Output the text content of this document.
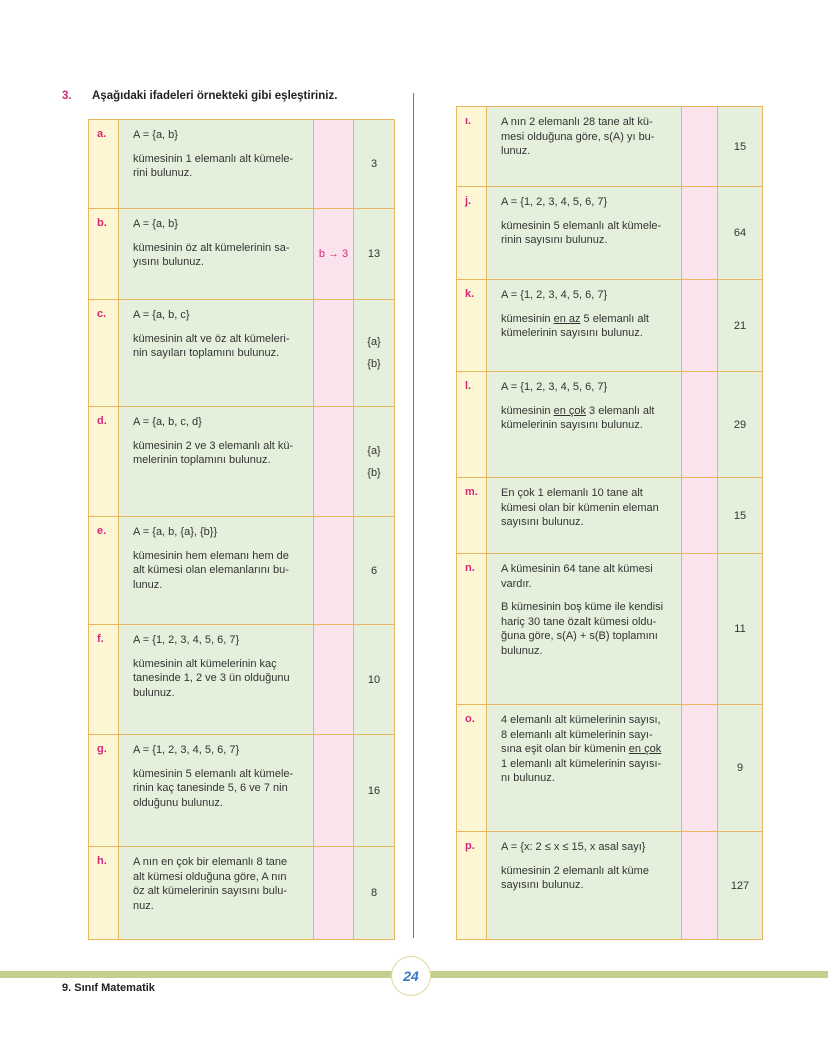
3. Aşağıdaki ifadeleri örnekteki gibi eşleştiriniz.
a. A = {a, b}
kümesinin 1 elemanlı alt kümele-
rini bulunuz.
3
b. A = {a, b}
kümesinin öz alt kümelerinin sa-
yısını bulunuz.
b → 3 13
c. A = {a, b, c}
kümesinin alt ve öz alt kümeleri-
nin sayıları toplamını bulunuz.
{a}
{b}
d. A = {a, b, c, d}
kümesinin 2 ve 3 elemanlı alt kü-
melerinin toplamını bulunuz.
{a}
{b}
e. A = {a, b, {a}, {b}}
kümesinin hem elemanı hem de
alt kümesi olan elemanlarını bu-
lunuz.
6
f.	A = {1, 2, 3, 4, 5, 6, 7}
kümesinin alt kümelerinin kaç
tanesinde 1, 2 ve 3 ün olduğunu
bulunuz.
10
g. A = {1, 2, 3, 4, 5, 6, 7}
kümesinin 5 elemanlı alt kümele-
rinin kaç tanesinde 5, 6 ve 7 nin
olduğunu bulunuz.
16
h. A nın en çok bir elemanlı 8 tane
alt kümesi olduğuna göre, A nın
öz alt kümelerinin sayısını bulu-
nuz.
8
ı.	A nın 2 elemanlı 28 tane alt kü-
mesi olduğuna göre, s(A) yı bu-
lunuz.	15
j.	A = {1, 2, 3, 4, 5, 6, 7}
kümesinin 5 elemanlı alt kümele-
rinin sayısını bulunuz.
64
k. A = {1, 2, 3, 4, 5, 6, 7}
kümesinin en az 5 elemanlı alt
kümelerinin sayısını bulunuz.
21
l.	A = {1, 2, 3, 4, 5, 6, 7}
kümesinin en çok 3 elemanlı alt
kümelerinin sayısını bulunuz.	29
m. En çok 1 elemanlı 10 tane alt
kümesi olan bir kümenin eleman
sayısını bulunuz.
15
n. A kümesinin 64 tane alt kümesi
vardır.
B kümesinin boş küme ile kendisi
hariç 30 tane özalt kümesi oldu-
ğuna göre, s(A) + s(B) toplamını
bulunuz.
11
o. 4 elemanlı alt kümelerinin sayısı,
8 elemanlı alt kümelerinin sayı-
sına eşit olan bir kümenin en çok
1 elemanlı alt kümelerinin sayısı-
nı bulunuz.
9
p. A = {x: 2 ≤ x ≤ 15, x asal sayı}
kümesinin 2 elemanlı alt küme
sayısını bulunuz.	127
24
9. Sınıf Matematik
